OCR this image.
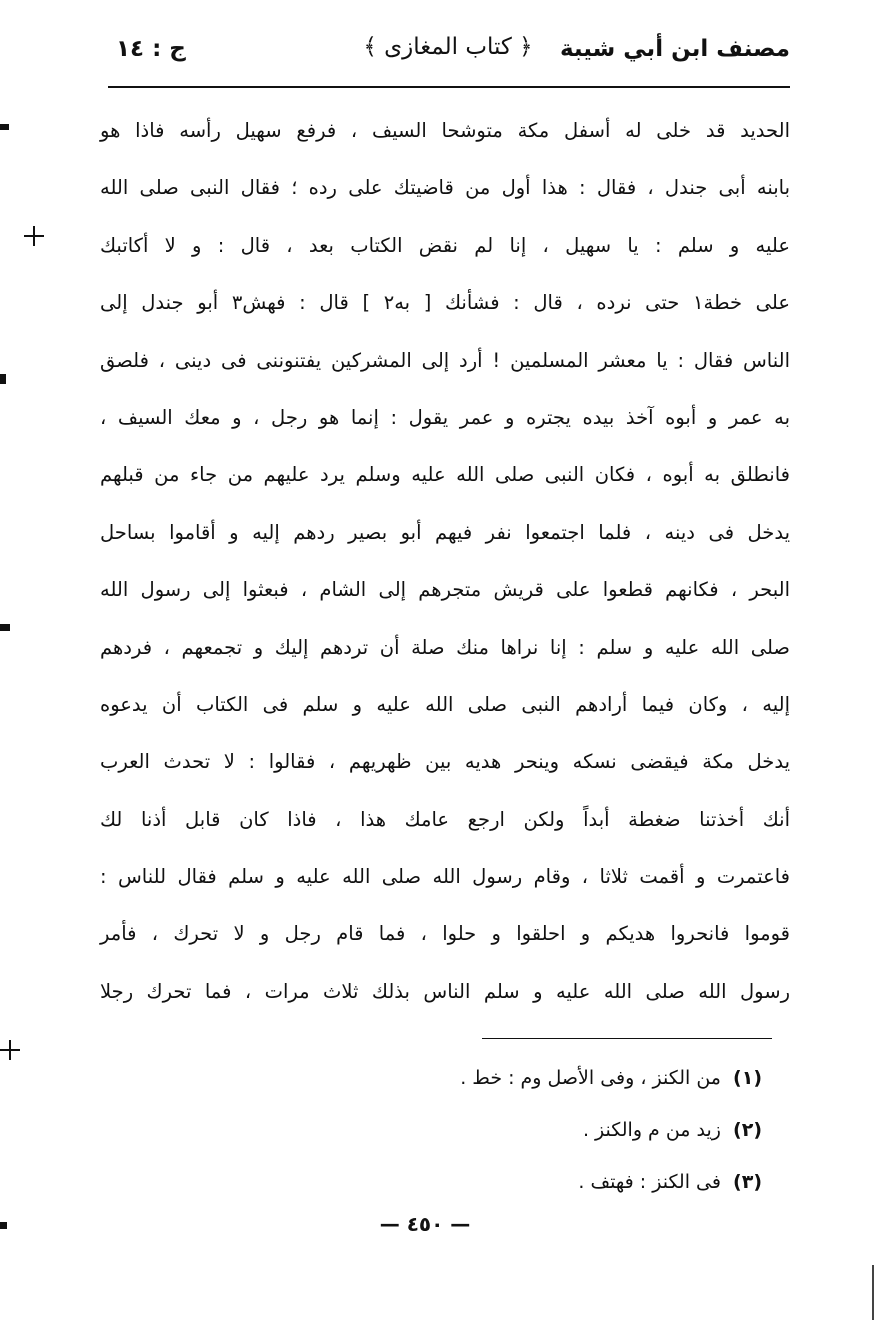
مصنف ابن أبي شيبة
﴿ كتاب المغازى ﴾
ج : ١٤
الحديد قد خلى له أسفل مكة متوشحا السيف ، فرفع سهيل رأسه فاذا هو
بابنه أبى جندل ، فقال : هذا أول من قاضيتك على رده ؛ فقال النبى صلى الله
عليه و سلم : يا سهيل ، إنا لم نقض الكتاب بعد ، قال : و لا أكاتبك
على خطة١ حتى نرده ، قال : فشأنك [ به٢ ] قال : فهش٣ أبو جندل إلى
الناس فقال : يا معشر المسلمين ! أرد إلى المشركين يفتنوننى فى دينى ، فلصق
به عمر و أبوه آخذ بيده يجتره و عمر يقول : إنما هو رجل ، و معك السيف ،
فانطلق به أبوه ، فكان النبى صلى الله عليه وسلم يرد عليهم من جاء من قبلهم
يدخل فى دينه ، فلما اجتمعوا نفر فيهم أبو بصير ردهم إليه و أقاموا بساحل
البحر ، فكانهم قطعوا على قريش متجرهم إلى الشام ، فبعثوا إلى رسول الله
صلى الله عليه و سلم : إنا نراها منك صلة أن تردهم إليك و تجمعهم ، فردهم
إليه ، وكان فيما أرادهم النبى صلى الله عليه و سلم فى الكتاب أن يدعوه
يدخل مكة فيقضى نسكه وينحر هديه بين ظهريهم ، فقالوا : لا تحدث العرب
أنك أخذتنا ضغطة أبداً ولكن ارجع عامك هذا ، فاذا كان قابل أذنا لك
فاعتمرت و أقمت ثلاثا ، وقام رسول الله صلى الله عليه و سلم فقال للناس :
قوموا فانحروا هديكم و احلقوا و حلوا ، فما قام رجل و لا تحرك ، فأمر
رسول الله صلى الله عليه و سلم الناس بذلك ثلاث مرات ، فما تحرك رجلا
(١) من الكنز ، وفى الأصل وم : خط .
(٢) زيد من م والكنز .
(٣) فى الكنز : فهتف .
— ٤٥٠ —
